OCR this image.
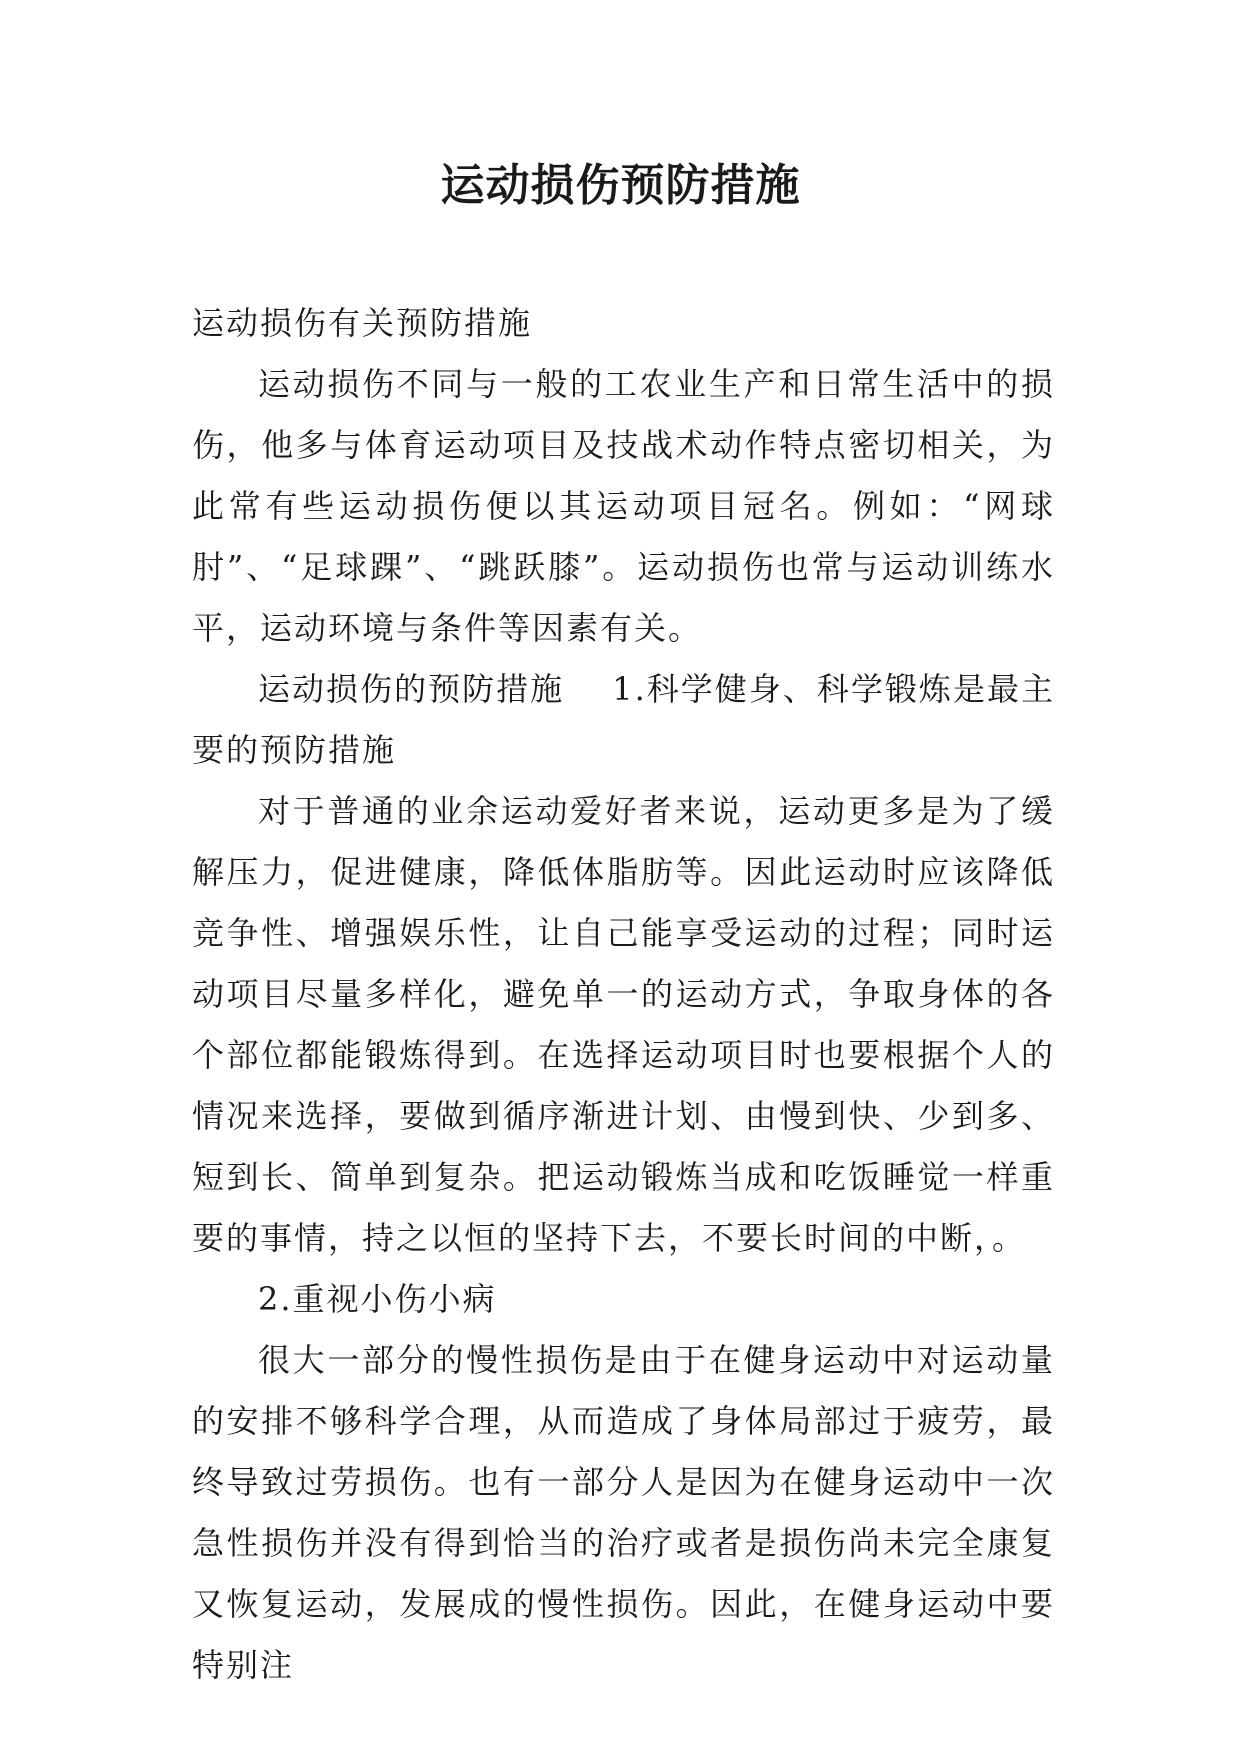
运动损伤预防措施

运动损伤有关预防措施

运动损伤不同与一般的工农业生产和日常生活中的损伤，他多与体育运动项目及技战术动作特点密切相关，为此常有些运动损伤便以其运动项目冠名。例如：“网球肘”、“足球踝”、“跳跃膝”。运动损伤也常与运动训练水平，运动环境与条件等因素有关。

运动损伤的预防措施 1.科学健身、科学锻炼是最主要的预防措施

对于普通的业余运动爱好者来说，运动更多是为了缓解压力，促进健康，降低体脂肪等。因此运动时应该降低竞争性、增强娱乐性，让自己能享受运动的过程；同时运动项目尽量多样化，避免单一的运动方式，争取身体的各个部位都能锻炼得到。在选择运动项目时也要根据个人的情况来选择，要做到循序渐进计划、由慢到快、少到多、短到长、简单到复杂。把运动锻炼当成和吃饭睡觉一样重要的事情，持之以恒的坚持下去，不要长时间的中断，。

2.重视小伤小病

很大一部分的慢性损伤是由于在健身运动中对运动量的安排不够科学合理，从而造成了身体局部过于疲劳，最终导致过劳损伤。也有一部分人是因为在健身运动中一次急性损伤并没有得到恰当的治疗或者是损伤尚未完全康复又恢复运动，发展成的慢性损伤。因此，在健身运动中要特别注
